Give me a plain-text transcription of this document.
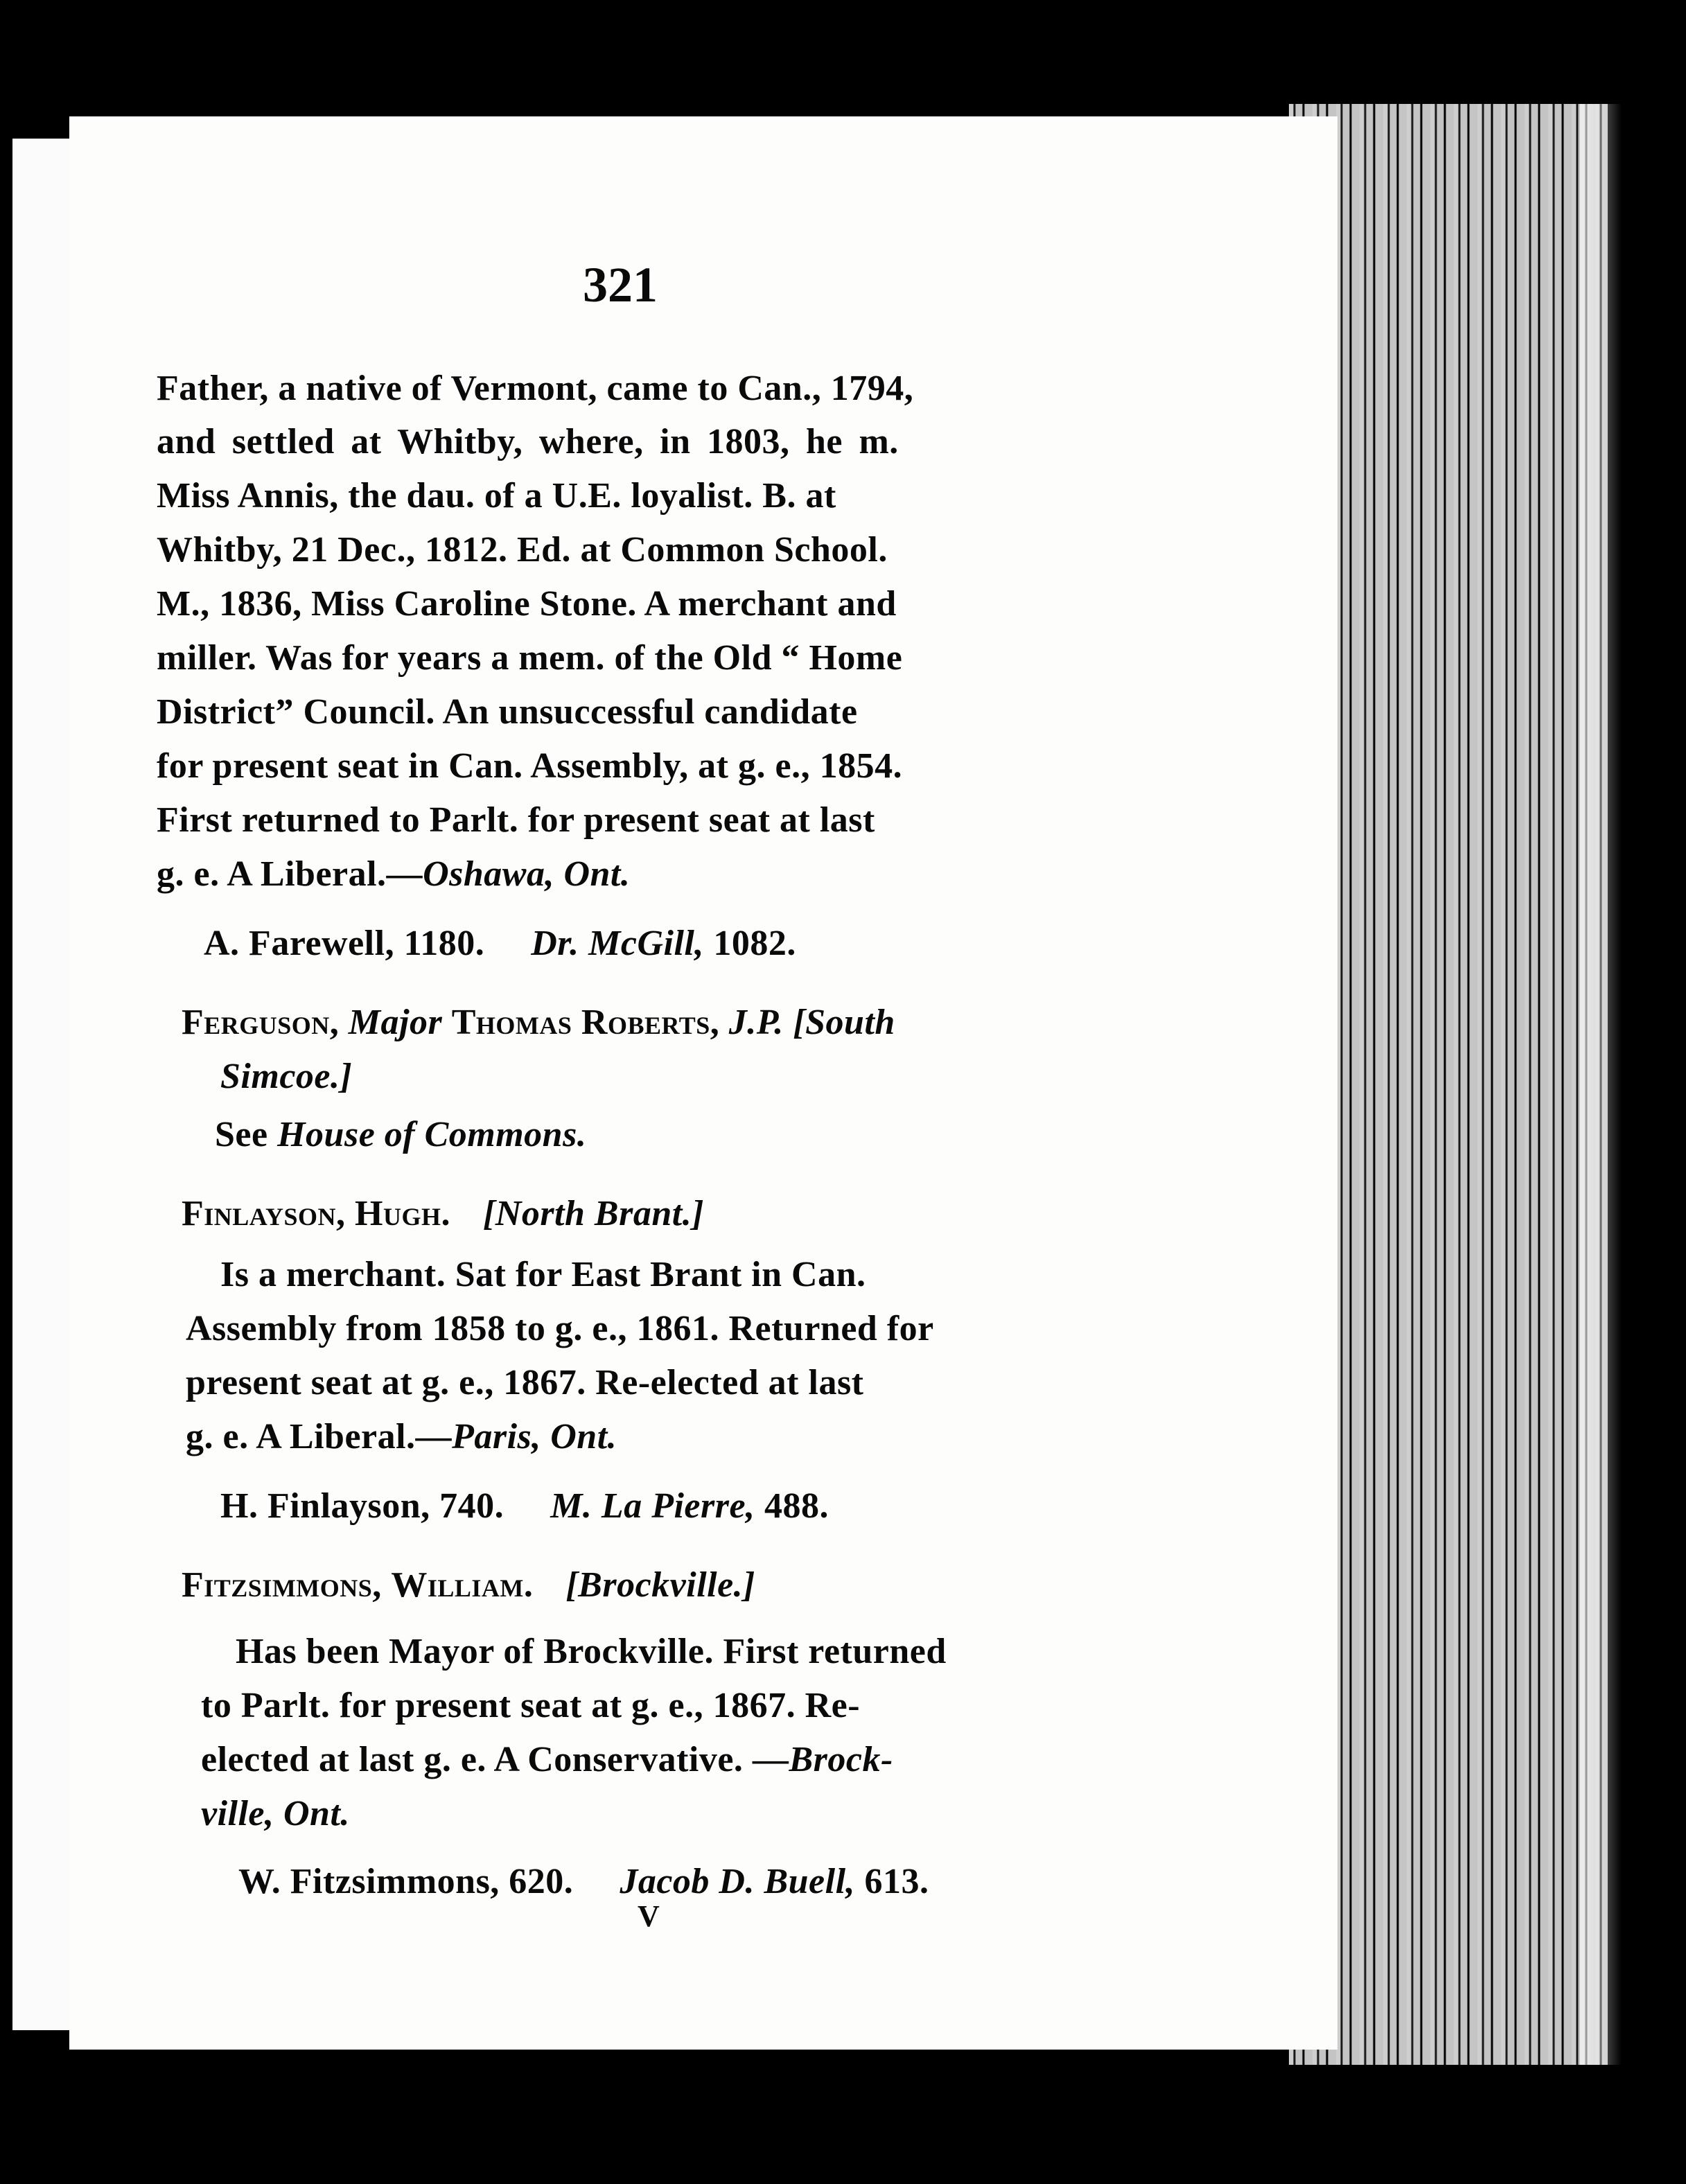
321
Father, a native of Vermont, came to Can., 1794,
and settled at Whitby, where, in 1803, he m.
Miss Annis, the dau. of a U.E. loyalist. B. at
Whitby, 21 Dec., 1812. Ed. at Common School.
M., 1836, Miss Caroline Stone. A merchant and
miller. Was for years a mem. of the Old “ Home
District” Council. An unsuccessful candidate
for present seat in Can. Assembly, at g. e., 1854.
First returned to Parlt. for present seat at last
g. e. A Liberal.—Oshawa, Ont.
A. Farewell, 1180. Dr. McGill, 1082.
Ferguson, Major Thomas Roberts, J.P. [South
Simcoe.]
See House of Commons.
Finlayson, Hugh. [North Brant.]
Is a merchant. Sat for East Brant in Can.
Assembly from 1858 to g. e., 1861. Returned for
present seat at g. e., 1867. Re-elected at last
g. e. A Liberal.—Paris, Ont.
H. Finlayson, 740. M. La Pierre, 488.
Fitzsimmons, William. [Brockville.]
Has been Mayor of Brockville. First returned
to Parlt. for present seat at g. e., 1867. Re-
elected at last g. e. A Conservative. —Brock-
ville, Ont.
W. Fitzsimmons, 620. Jacob D. Buell, 613.
V
